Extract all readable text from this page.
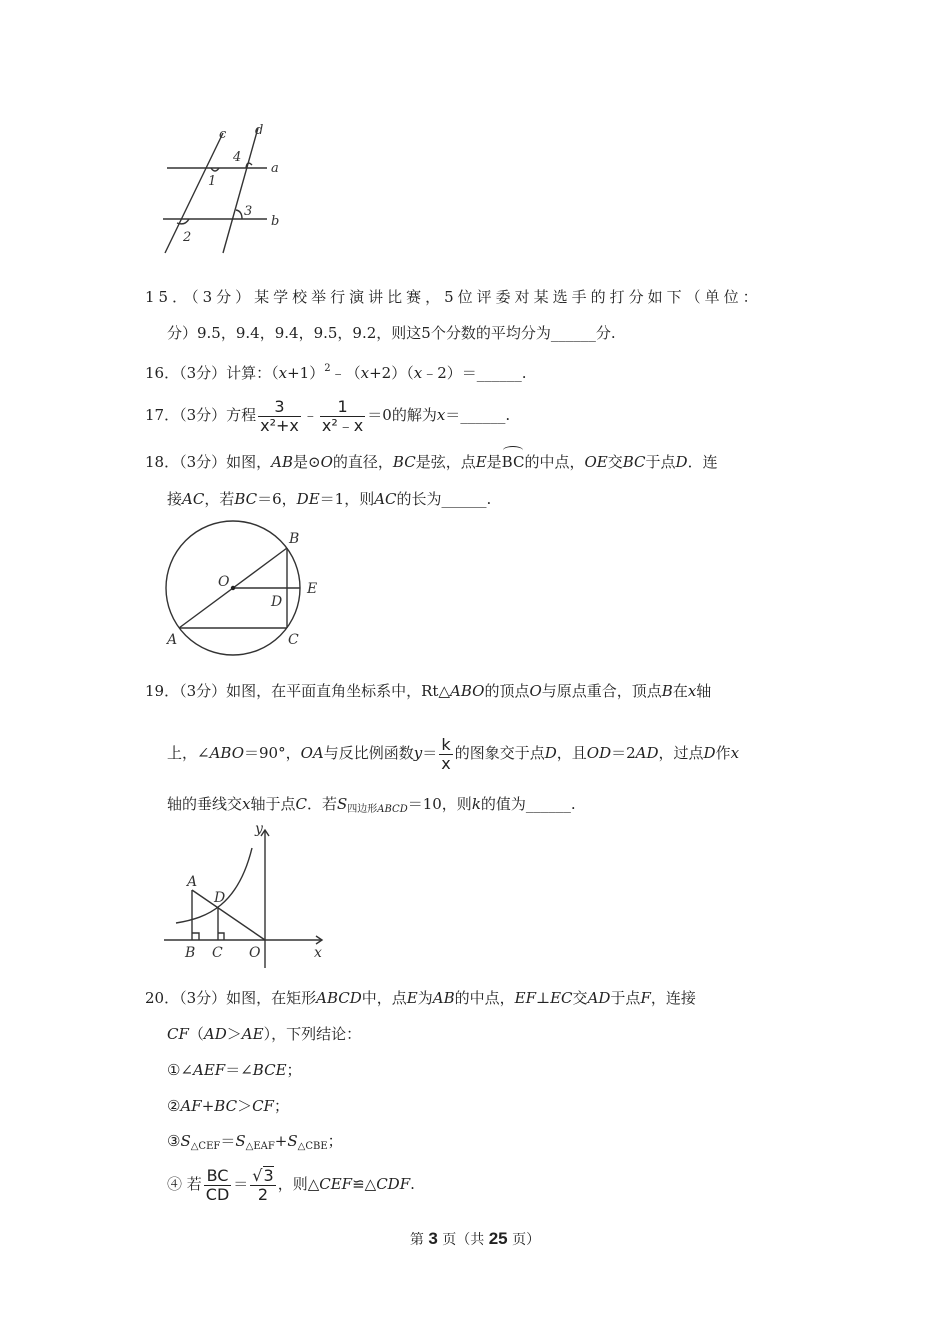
c d
a
b
1
2
3
4
15．（3分）某学校举行演讲比赛，5位评委对某选手的打分如下（单位：
分）9.5，9.4，9.4，9.5，9.2，则这5个分数的平均分为______分.
16．（3分）计算：$(x+1)^2﹣(x+2)(x﹣2)=\_\_\_\_\_\_$.
17．（3分）方程 $\frac{3}{\text{x²+x}}$ ﹣ $\frac{1}{\text{x²﹣x}} =0$的解为x＝______.
18．（3分）如图，AB是⊙O的直径，BC是弦，点E是BC的中点，OE交BC于点D．连
接AC，若BC＝6，DE＝1，则AC的长为______.
B
O	E
D
A	C
19．（3分）如图，在平面直角坐标系中，Rt△ABO的顶点O与原点重合，顶点B在x轴
上，∠ABO＝90°，OA与反比例函数$y= \frac{k}{x}$ 的图象交于点D，且OD＝2AD，过点D作x
轴的垂线交x轴于点C．若$S_{四边形ABCD}=10$，则k的值为______.
y
A
D
B C O	x
20．（3分）如图，在矩形ABCD中，点E为AB的中点，EF⊥EC交AD于点F，连接
CF（AD＞AE），下列结论：
①∠AEF＝∠BCE；
②AF+BC＞CF；
$③S_{\triangle CEF}=S_{\triangle EAF}+S_{\triangle CBE}$；
④ 若 $\frac{BC}{CD} = \frac{√3}{2}$ ，则△CEF≌△CDF.
第 3 页（共 25 页）
